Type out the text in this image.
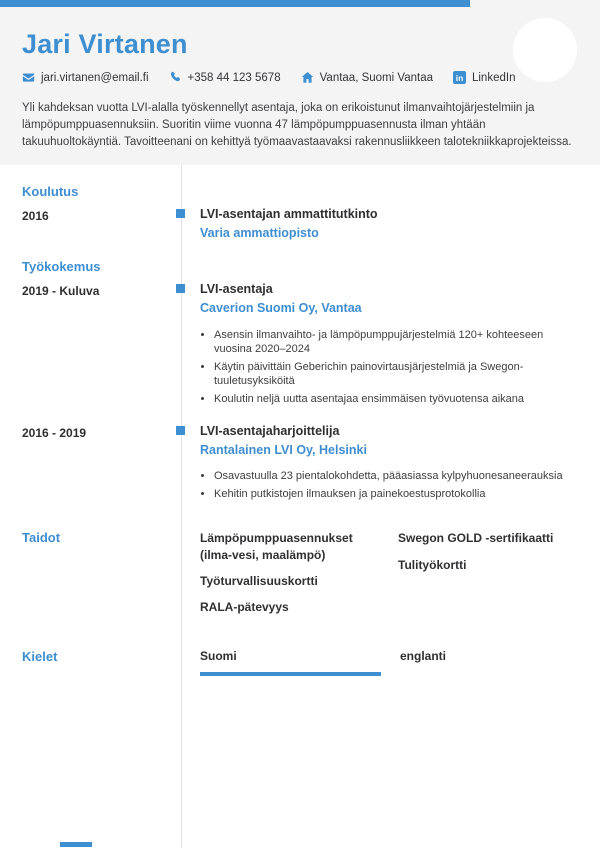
Jari Virtanen
jari.virtanen@email.fi	+358 44 123 5678	Vantaa, Suomi Vantaa	in LinkedIn

Yli kahdeksan vuotta LVI-alalla työskennellyt asentaja, joka on erikoistunut ilmanvaihtojärjestelmiin ja lämpöpumppuasennuksiin. Suoritin viime vuonna 47 lämpöpumppuasennusta ilman yhtään takuuhuoltokäyntiä. Tavoitteenani on kehittyä työmaavastaavaksi rakennusliikkeen talotekniikkaprojekteissa.

Koulutus
2016	LVI-asentajan ammattitutkinto
Varia ammattiopisto
Työkokemus
2019 - Kuluva	LVI-asentaja
Caverion Suomi Oy, Vantaa
• Asensin ilmanvaihto- ja lämpöpumppujärjestelmiä 120+ kohteeseen vuosina 2020–2024
• Käytin päivittäin Geberichin painovirtausjärjestelmiä ja Swegon-tuuletusyksiköitä
• Koulutin neljä uutta asentajaa ensimmäisen työvuotensa aikana
2016 - 2019	LVI-asentajaharjoittelija
Rantalainen LVI Oy, Helsinki
• Osavastuulla 23 pientalokohdetta, pääasiassa kylpyhuonesaneerauksia
• Kehitin putkistojen ilmauksen ja painekoestusprotokollia
Taidot	Lämpöpumppuasennukset (ilma-vesi, maalämpö)
Työturvallisuuskortti
RALA-pätevyys
Swegon GOLD -sertifikaatti
Tulityökortti
Kielet	Suomi	englanti
